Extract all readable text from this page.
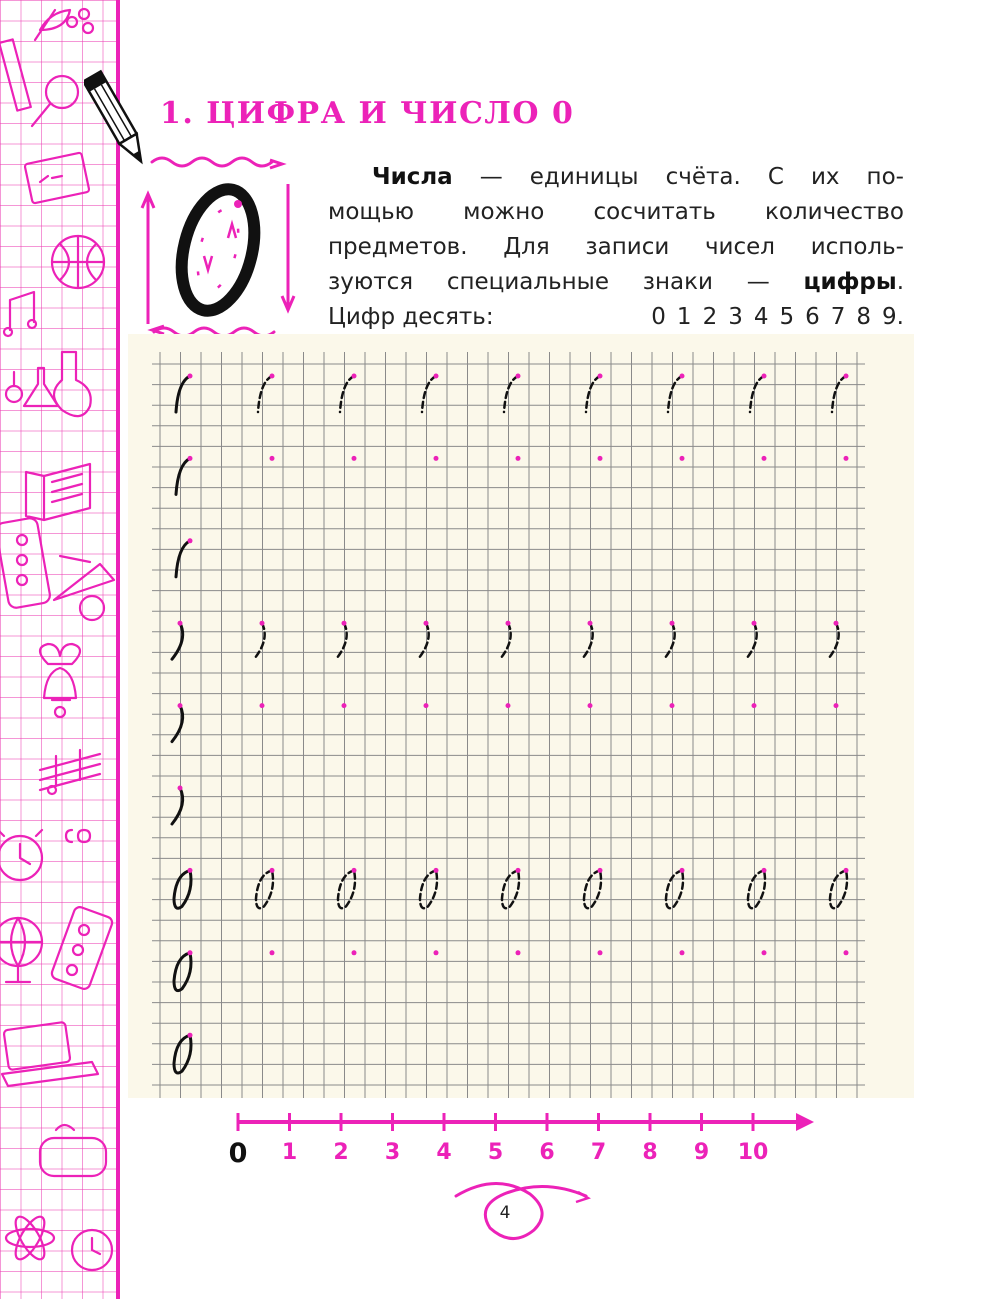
1. ЦИФРА И ЧИСЛО 0
Числа — единицы счёта. С их по-
мощью можно сосчитать количество
предметов. Для записи чисел исполь-
зуются специальные знаки — цифры.
Цифр десять:	0 1 2 3 4 5 6 7 8 9.
0 1 2 3 4 5 6 7 8 9 10
4
